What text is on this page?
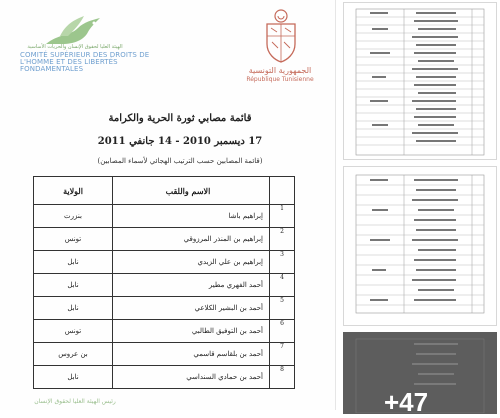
الهيئة العليا لحقوق الإنسان والحريات الأساسية
COMITÉ SUPÉRIEUR DES DROITS DE L'HOMME ET DES LIBERTÉS FONDAMENTALES	الجمهورية التونسية
République Tunisienne
قائمة مصابي ثورة الحرية والكرامة
17 ديسمبر 2010 - 14 جانفي 2011
(قائمة المصابين حسب الترتيب الهجائي لأسماء المصابين)
	الاسم واللقب	الولاية
1	إبراهيم باشا	بنزرت
2	إبراهيم بن المنذر المرزوقي	تونس
3	إبراهيم بن علي الزيدي	نابل
4	أحمد الفهري مطير	نابل
5	أحمد بن البشير الكلاعي	نابل
6	أحمد بن التوفيق الطالبي	تونس
7	أحمد بن بلقاسم قاسمي	بن عروس
8	أحمد بن حمادي السنداسي	نابل
رئيس الهيئة العليا لحقوق الإنسان	+47
